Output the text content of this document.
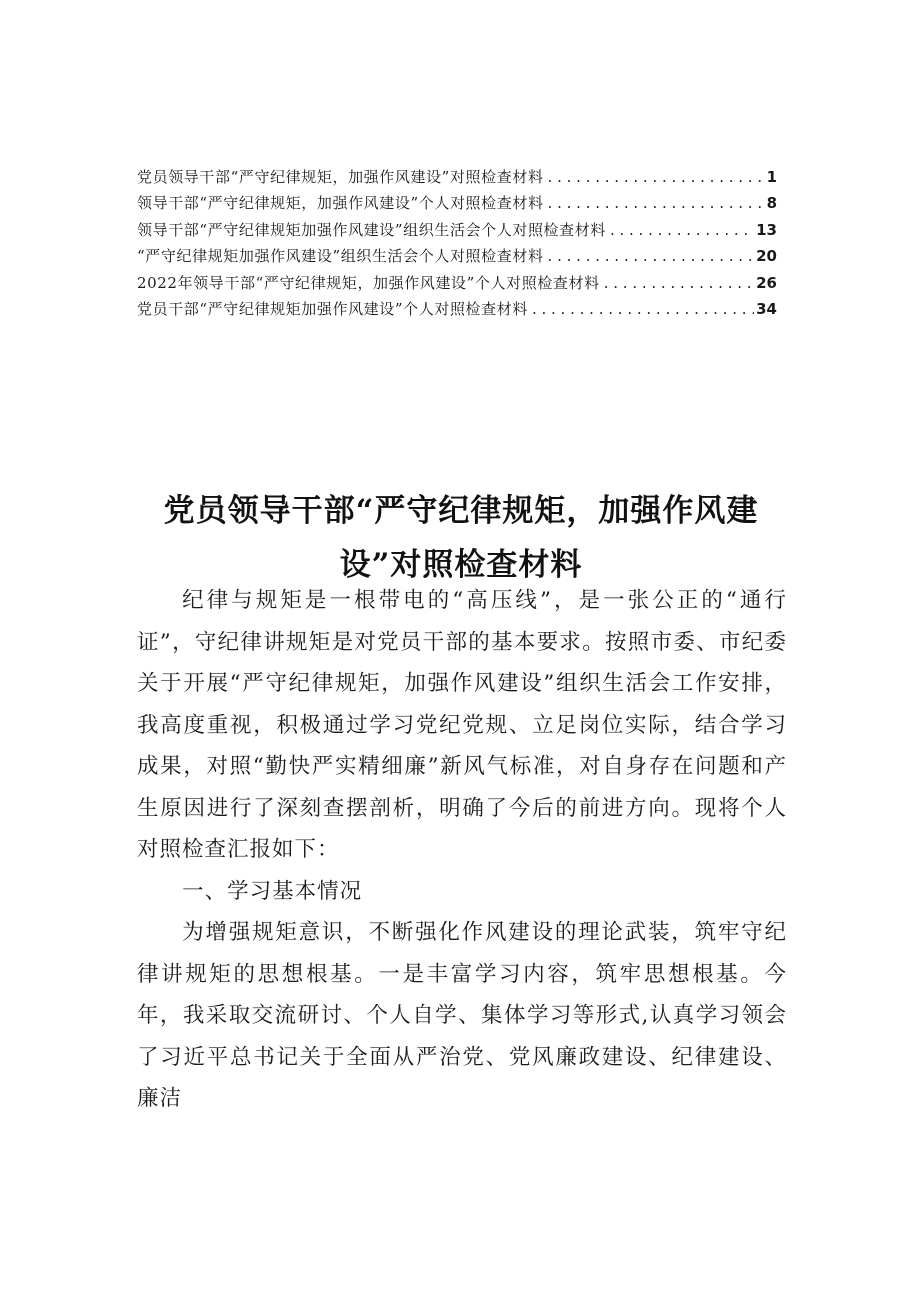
党员领导干部“严守纪律规矩，加强作风建设”对照检查材料 . . .	1
领导干部“严守纪律规矩，加强作风建设”个人对照检查材料 . . .	8
领导干部“严守纪律规矩加强作风建设”组织生活会个人对照检查材料 . . .	13
“严守纪律规矩加强作风建设”组织生活会个人对照检查材料 . . .	20
2022年领导干部“严守纪律规矩，加强作风建设”个人对照检查材料 . . .	26
党员干部“严守纪律规矩加强作风建设”个人对照检查材料 . . .	34
党员领导干部“严守纪律规矩，加强作风建设”对照检查材料

纪律与规矩是一根带电的“高压线”，是一张公正的“通行证”，守纪律讲规矩是对党员干部的基本要求。按照市委、市纪委关于开展“严守纪律规矩，加强作风建设”组织生活会工作安排，我高度重视，积极通过学习党纪党规、立足岗位实际，结合学习成果，对照“勤快严实精细廉”新风气标准，对自身存在问题和产生原因进行了深刻查摆剖析，明确了今后的前进方向。现将个人对照检查汇报如下：

一、学习基本情况

为增强规矩意识，不断强化作风建设的理论武装，筑牢守纪律讲规矩的思想根基。一是丰富学习内容，筑牢思想根基。今年，我采取交流研讨、个人自学、集体学习等形式,认真学习领会了习近平总书记关于全面从严治党、党风廉政建设、纪律建设、廉洁
